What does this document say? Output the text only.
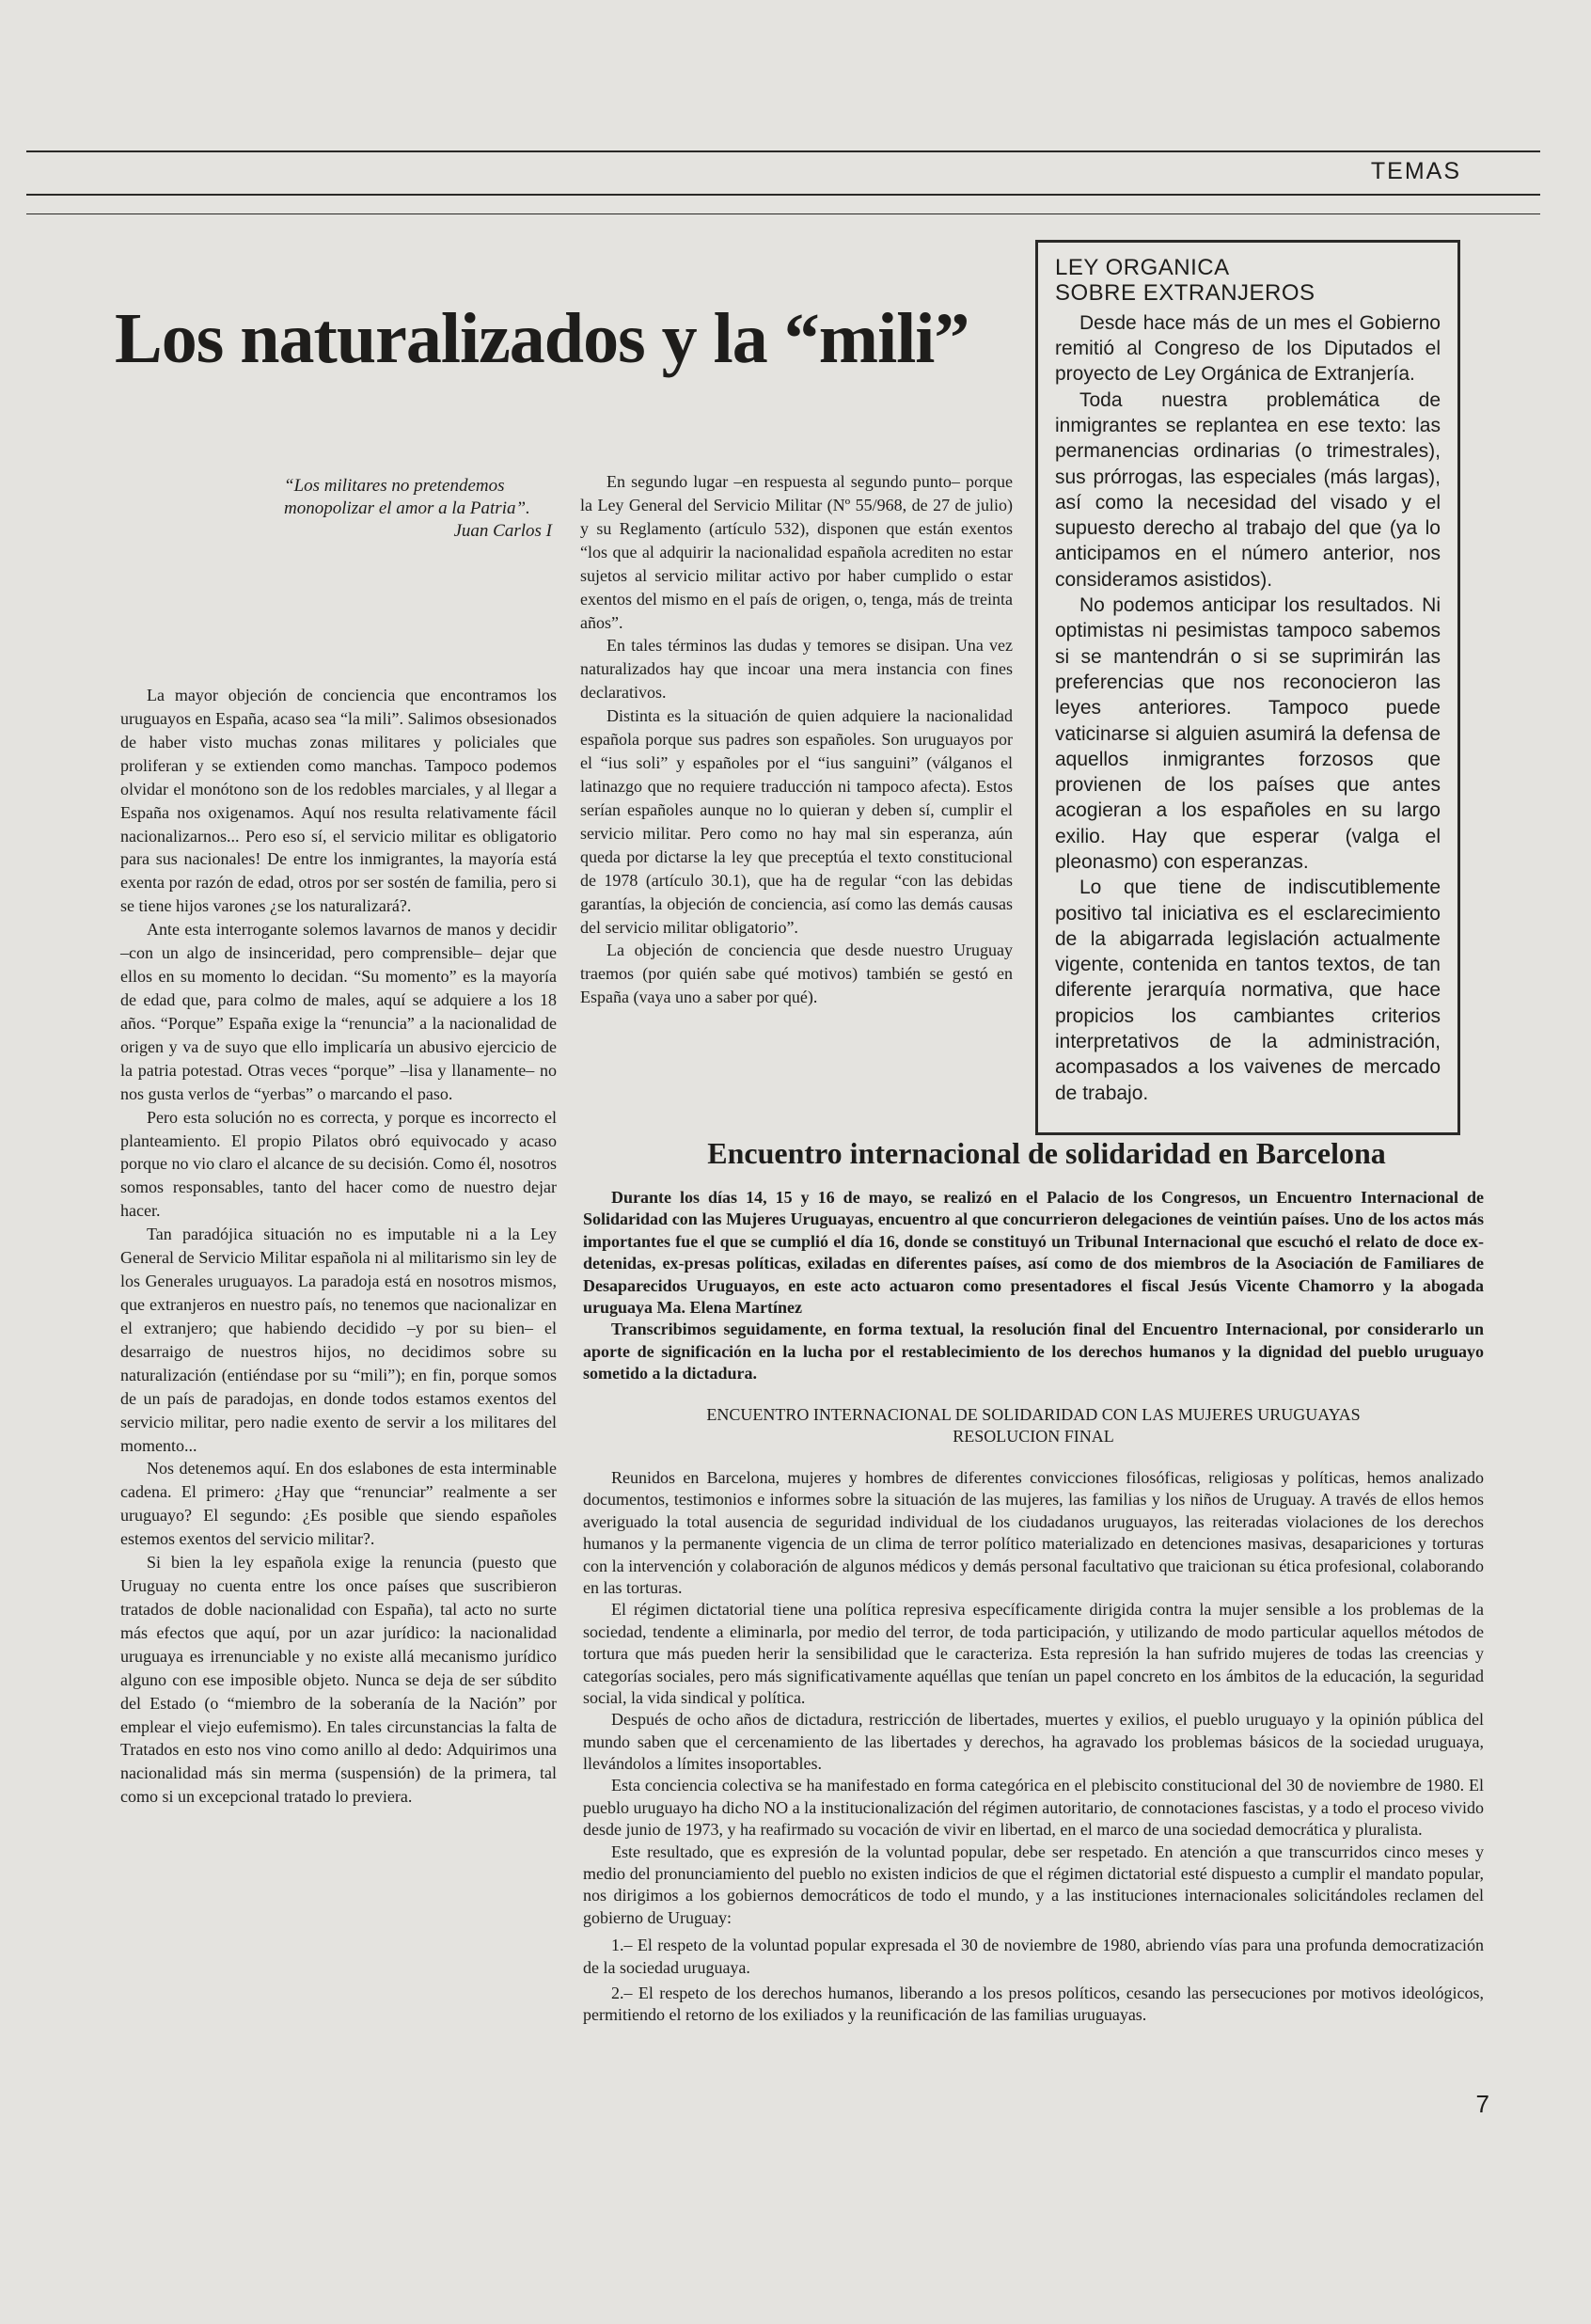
TEMAS
Los naturalizados y la “mili”
“Los militares no pretendemos monopolizar el amor a la Patria”.
Juan Carlos I

La mayor objeción de conciencia que encontramos los uruguayos en España, acaso sea “la mili”. Salimos obsesionados de haber visto muchas zonas militares y policiales que proliferan y se extienden como manchas. Tampoco podemos olvidar el monótono son de los redobles marciales, y al llegar a España nos oxigenamos. Aquí nos resulta relativamente fácil nacionalizarnos... Pero eso sí, el servicio militar es obligatorio para sus nacionales! De entre los inmigrantes, la mayoría está exenta por razón de edad, otros por ser sostén de familia, pero si se tiene hijos varones ¿se los naturalizará?.

Ante esta interrogante solemos lavarnos de manos y decidir –con un algo de insinceridad, pero comprensible– dejar que ellos en su momento lo decidan. “Su momento” es la mayoría de edad que, para colmo de males, aquí se adquiere a los 18 años. “Porque” España exige la “renuncia” a la nacionalidad de origen y va de suyo que ello implicaría un abusivo ejercicio de la patria potestad. Otras veces “porque” –lisa y llanamente– no nos gusta verlos de “yerbas” o marcando el paso.

Pero esta solución no es correcta, y porque es incorrecto el planteamiento. El propio Pilatos obró equivocado y acaso porque no vio claro el alcance de su decisión. Como él, nosotros somos responsables, tanto del hacer como de nuestro dejar hacer.

Tan paradójica situación no es imputable ni a la Ley General de Servicio Militar española ni al militarismo sin ley de los Generales uruguayos. La paradoja está en nosotros mismos, que extranjeros en nuestro país, no tenemos que nacionalizar en el extranjero; que habiendo decidido –y por su bien– el desarraigo de nuestros hijos, no decidimos sobre su naturalización (entiéndase por su “mili”); en fin, porque somos de un país de paradojas, en donde todos estamos exentos del servicio militar, pero nadie exento de servir a los militares del momento...

Nos detenemos aquí. En dos eslabones de esta interminable cadena. El primero: ¿Hay que “renunciar” realmente a ser uruguayo? El segundo: ¿Es posible que siendo españoles estemos exentos del servicio militar?.

Si bien la ley española exige la renuncia (puesto que Uruguay no cuenta entre los once países que suscribieron tratados de doble nacionalidad con España), tal acto no surte más efectos que aquí, por un azar jurídico: la nacionalidad uruguaya es irrenunciable y no existe allá mecanismo jurídico alguno con ese imposible objeto. Nunca se deja de ser súbdito del Estado (o “miembro de la soberanía de la Nación” por emplear el viejo eufemismo). En tales circunstancias la falta de Tratados en esto nos vino como anillo al dedo: Adquirimos una nacionalidad más sin merma (suspensión) de la primera, tal como si un excepcional tratado lo previera.

En segundo lugar –en respuesta al segundo punto– porque la Ley General del Servicio Militar (Nº 55/968, de 27 de julio) y su Reglamento (artículo 532), disponen que están exentos “los que al adquirir la nacionalidad española acrediten no estar sujetos al servicio militar activo por haber cumplido o estar exentos del mismo en el país de origen, o, tenga, más de treinta años”.

En tales términos las dudas y temores se disipan. Una vez naturalizados hay que incoar una mera instancia con fines declarativos.

Distinta es la situación de quien adquiere la nacionalidad española porque sus padres son españoles. Son uruguayos por el “ius soli” y españoles por el “ius sanguini” (válganos el latinazgo que no requiere traducción ni tampoco afecta). Estos serían españoles aunque no lo quieran y deben sí, cumplir el servicio militar. Pero como no hay mal sin esperanza, aún queda por dictarse la ley que preceptúa el texto constitucional de 1978 (artículo 30.1), que ha de regular “con las debidas garantías, la objeción de conciencia, así como las demás causas del servicio militar obligatorio”.

La objeción de conciencia que desde nuestro Uruguay traemos (por quién sabe qué motivos) también se gestó en España (vaya uno a saber por qué).

LEY ORGANICA
SOBRE EXTRANJEROS

Desde hace más de un mes el Gobierno remitió al Congreso de los Diputados el proyecto de Ley Orgánica de Extranjería.

Toda nuestra problemática de inmigrantes se replantea en ese texto: las permanencias ordinarias (o trimestrales), sus prórrogas, las especiales (más largas), así como la necesidad del visado y el supuesto derecho al trabajo del que (ya lo anticipamos en el número anterior, nos consideramos asistidos).

No podemos anticipar los resultados. Ni optimistas ni pesimistas tampoco sabemos si se mantendrán o si se suprimirán las preferencias que nos reconocieron las leyes anteriores. Tampoco puede vaticinarse si alguien asumirá la defensa de aquellos inmigrantes forzosos que provienen de los países que antes acogieran a los españoles en su largo exilio. Hay que esperar (valga el pleonasmo) con esperanzas.

Lo que tiene de indiscutiblemente positivo tal iniciativa es el esclarecimiento de la abigarrada legislación actualmente vigente, contenida en tantos textos, de tan diferente jerarquía normativa, que hace propicios los cambiantes criterios interpretativos de la administración, acompasados a los vaivenes de mercado de trabajo.

Encuentro internacional de solidaridad en Barcelona

Durante los días 14, 15 y 16 de mayo, se realizó en el Palacio de los Congresos, un Encuentro Internacional de Solidaridad con las Mujeres Uruguayas, encuentro al que concurrieron delegaciones de veintiún países. Uno de los actos más importantes fue el que se cumplió el día 16, donde se constituyó un Tribunal Internacional que escuchó el relato de doce ex-detenidas, ex-presas políticas, exiladas en diferentes países, así como de dos miembros de la Asociación de Familiares de Desaparecidos Uruguayos, en este acto actuaron como presentadores el fiscal Jesús Vicente Chamorro y la abogada uruguaya Ma. Elena Martínez

Transcribimos seguidamente, en forma textual, la resolución final del Encuentro Internacional, por considerarlo un aporte de significación en la lucha por el restablecimiento de los derechos humanos y la dignidad del pueblo uruguayo sometido a la dictadura.

ENCUENTRO INTERNACIONAL DE SOLIDARIDAD CON LAS MUJERES URUGUAYAS

RESOLUCION FINAL

Reunidos en Barcelona, mujeres y hombres de diferentes convicciones filosóficas, religiosas y políticas, hemos analizado documentos, testimonios e informes sobre la situación de las mujeres, las familias y los niños de Uruguay. A través de ellos hemos averiguado la total ausencia de seguridad individual de los ciudadanos uruguayos, las reiteradas violaciones de los derechos humanos y la permanente vigencia de un clima de terror político materializado en detenciones masivas, desapariciones y torturas con la intervención y colaboración de algunos médicos y demás personal facultativo que traicionan su ética profesional, colaborando en las torturas.

El régimen dictatorial tiene una política represiva específicamente dirigida contra la mujer sensible a los problemas de la sociedad, tendente a eliminarla, por medio del terror, de toda participación, y utilizando de modo particular aquellos métodos de tortura que más pueden herir la sensibilidad que le caracteriza. Esta represión la han sufrido mujeres de todas las creencias y categorías sociales, pero más significativamente aquéllas que tenían un papel concreto en los ámbitos de la educación, la seguridad social, la vida sindical y política.

Después de ocho años de dictadura, restricción de libertades, muertes y exilios, el pueblo uruguayo y la opinión pública del mundo saben que el cercenamiento de las libertades y derechos, ha agravado los problemas básicos de la sociedad uruguaya, llevándolos a límites insoportables.

Esta conciencia colectiva se ha manifestado en forma categórica en el plebiscito constitucional del 30 de noviembre de 1980. El pueblo uruguayo ha dicho NO a la institucionalización del régimen autoritario, de connotaciones fascistas, y a todo el proceso vivido desde junio de 1973, y ha reafirmado su vocación de vivir en libertad, en el marco de una sociedad democrática y pluralista.

Este resultado, que es expresión de la voluntad popular, debe ser respetado. En atención a que transcurridos cinco meses y medio del pronunciamiento del pueblo no existen indicios de que el régimen dictatorial esté dispuesto a cumplir el mandato popular, nos dirigimos a los gobiernos democráticos de todo el mundo, y a las instituciones internacionales solicitándoles reclamen del gobierno de Uruguay:

1.– El respeto de la voluntad popular expresada el 30 de noviembre de 1980, abriendo vías para una profunda democratización de la sociedad uruguaya.

2.– El respeto de los derechos humanos, liberando a los presos políticos, cesando las persecuciones por motivos ideológicos, permitiendo el retorno de los exiliados y la reunificación de las familias uruguayas.

7
